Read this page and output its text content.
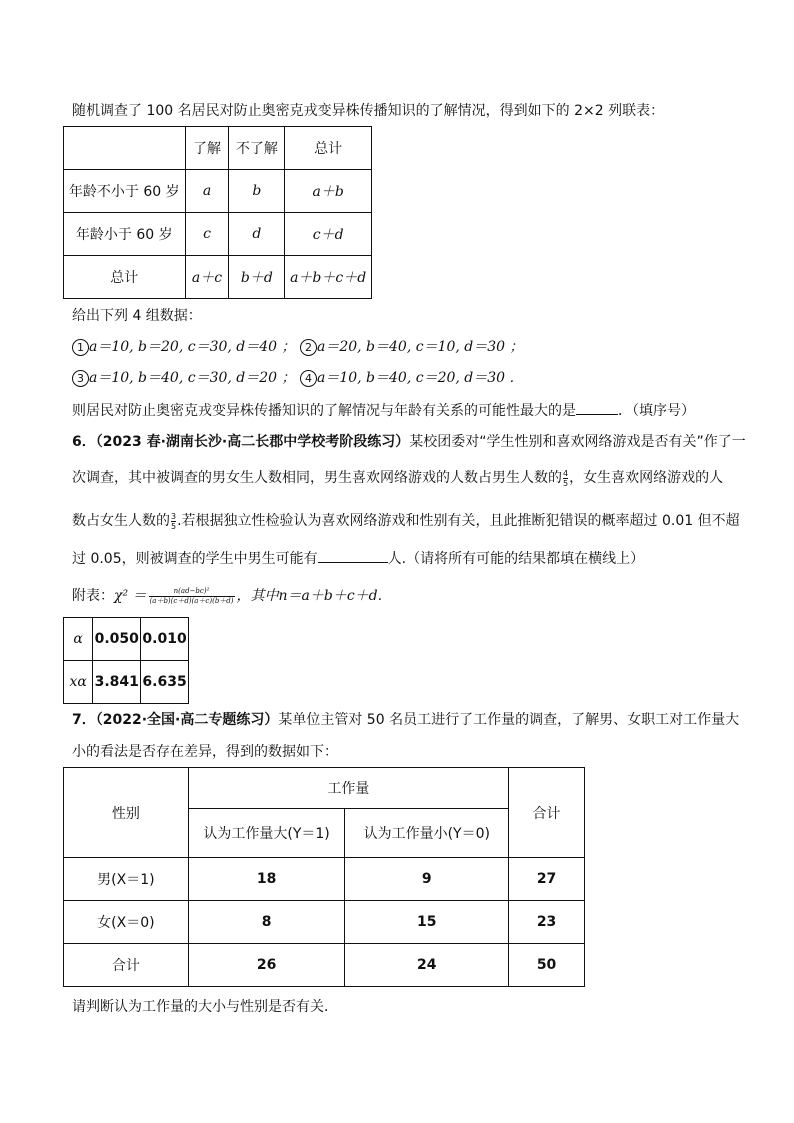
随机调查了 100 名居民对防止奥密克戎变异株传播知识的了解情况，得到如下的 2×2 列联表：
	了解	不了解	总计
年龄不小于 60 岁	a	b	a＋b
年龄小于 60 岁	c	d	c＋d
总计	a＋c	b＋d	a＋b＋c＋d
给出下列 4 组数据：
1 a＝10, b＝20, c＝30, d＝40 ； 2 a＝20, b＝40, c＝10, d＝30 ；
3 a＝10, b＝40, c＝30, d＝20 ； 4 a＝10, b＝40, c＝20, d＝30 ．
则居民对防止奥密克戎变异株传播知识的了解情况与年龄有关系的可能性最大的是	．（填序号）
6．（2023 春·湖南长沙·高二长郡中学校考阶段练习）某校团委对“学生性别和喜欢网络游戏是否有关”作了一
次调查，其中被调查的男女生人数相同，男生喜欢网络游戏的人数占男生人数的 $\frac{4}{5}$ ，女生喜欢网络游戏的人
数占女生人数的 $\frac{3}{5}$ .若根据独立性检验认为喜欢网络游戏和性别有关，且此推断犯错误的概率超过 0.01 但不超
过 0.05，则被调查的学生中男生可能有	人.（请将所有可能的结果都填在横线上）
附表：$\chi^2 = \frac{\text{n(ad−bc)²}}{(a+b)(c+d)(a+c)(b+d)}$ ，其中n＝a＋b＋c＋d.
α	0.050	0.010
xα	3.841	6.635
7．（2022·全国·高二专题练习）某单位主管对 50 名员工进行了工作量的调查，了解男、女职工对工作量大
小的看法是否存在差异，得到的数据如下：
性别	工作量		合计
	认为工作量大(Y＝1)	认为工作量小(Y＝0)	
男(X＝1)	18	9	27
女(X＝0)	8	15	23
合计	26	24	50
请判断认为工作量的大小与性别是否有关．
